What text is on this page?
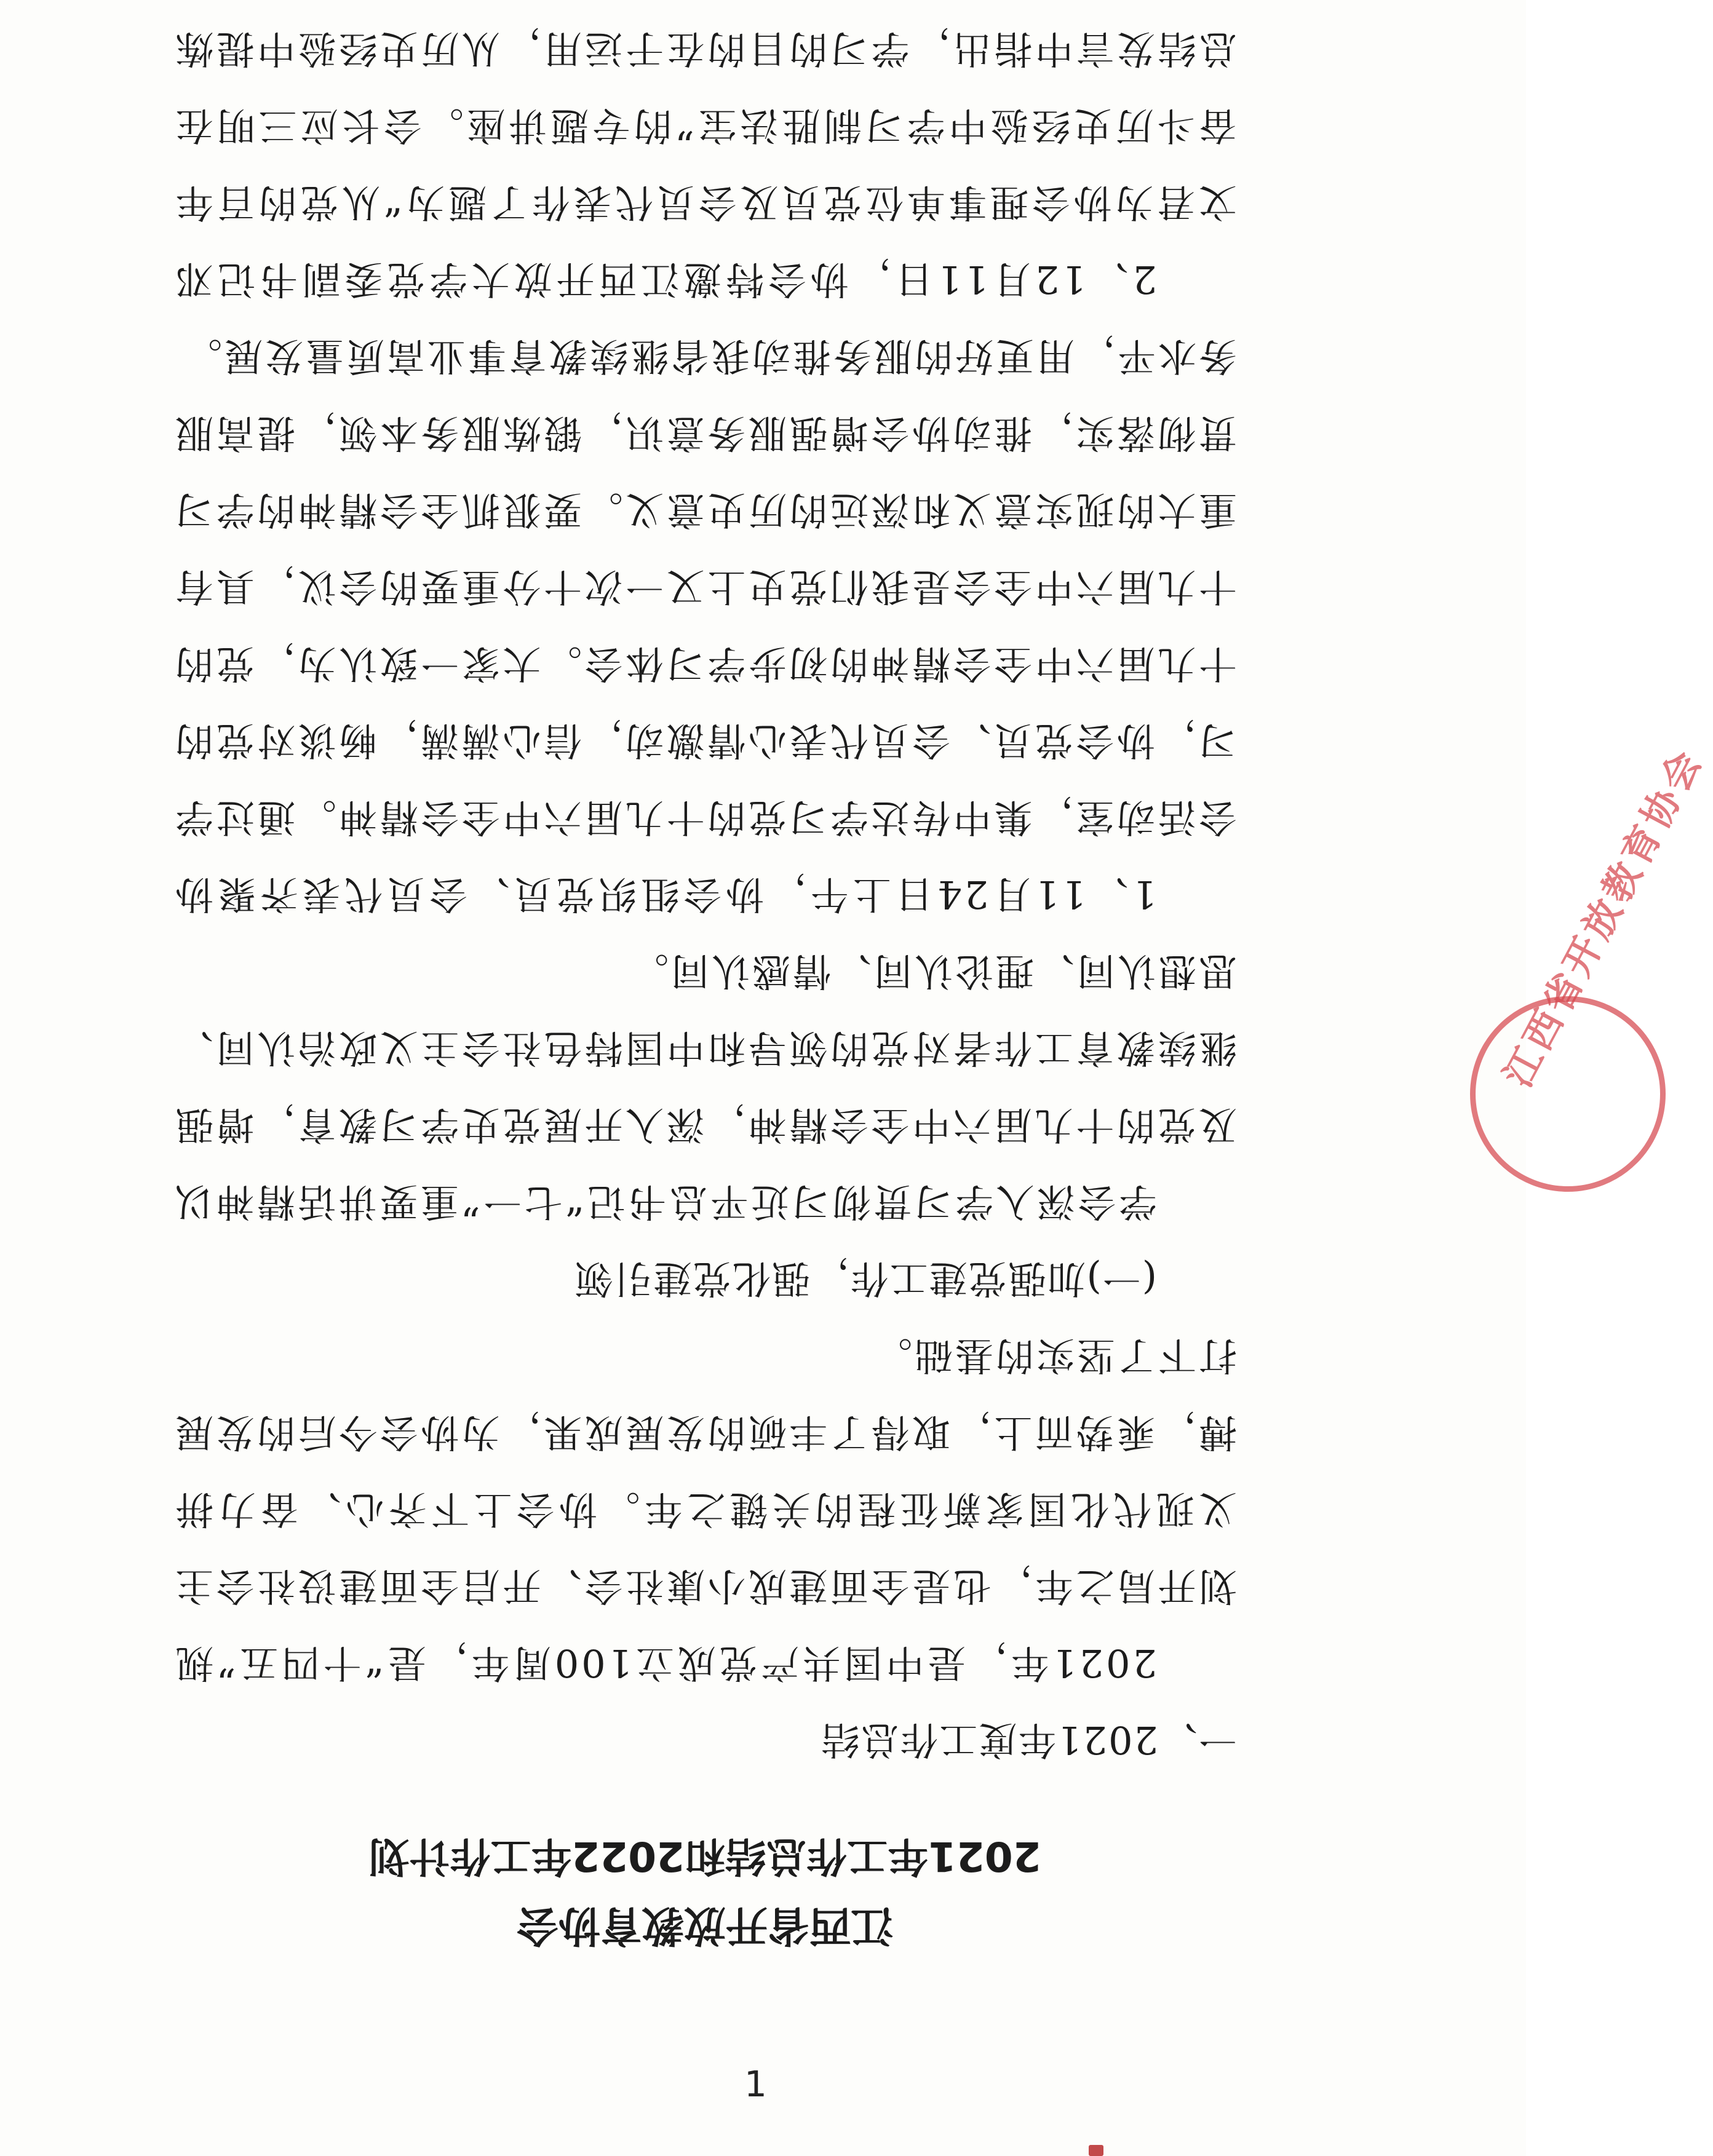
江西省开放教育协会

江西省开放教育协会

2021年工作总结和2022年工作计划

一、2021年度工作总结

2021年，是中国共产党成立100周年，是“十四五”规划开局之年，也是全面建成小康社会、开启全面建设社会主义现代化国家新征程的关键之年。协会上下齐心、奋力拼搏，乘势而上，取得了丰硕的发展成果，为协会今后的发展打下了坚实的基础。

(一)加强党建工作，强化党建引领

学会深入学习贯彻习近平总书记“七一”重要讲话精神以及党的十九届六中全会精神，深入开展党史学习教育，增强继续教育工作者对党的领导和中国特色社会主义政治认同、思想认同、理论认同、情感认同。

1、11月24日上午，协会组织党员、会员代表齐聚协会活动室，集中传达学习党的十九届六中全会精神。通过学习，协会党员、会员代表心情激动，信心满满，畅谈对党的十九届六中全会精神的初步学习体会。大家一致认为，党的十九届六中全会是我们党史上又一次十分重要的会议，具有重大的现实意义和深远的历史意义。要狠抓全会精神的学习贯彻落实，推动协会增强服务意识，锻炼服务本领，提高服务水平，用更好的服务推动我省继续教育事业高质量发展。

2、12月11日，协会特邀江西开放大学党委副书记邓文君为协会理事单位党员及会员代表作了题为“从党的百年奋斗历史经验中学习制胜法宝”的专题讲座。会长应三明在总结发言中指出，学习的目的在于运用，从历史经验中提炼

1
